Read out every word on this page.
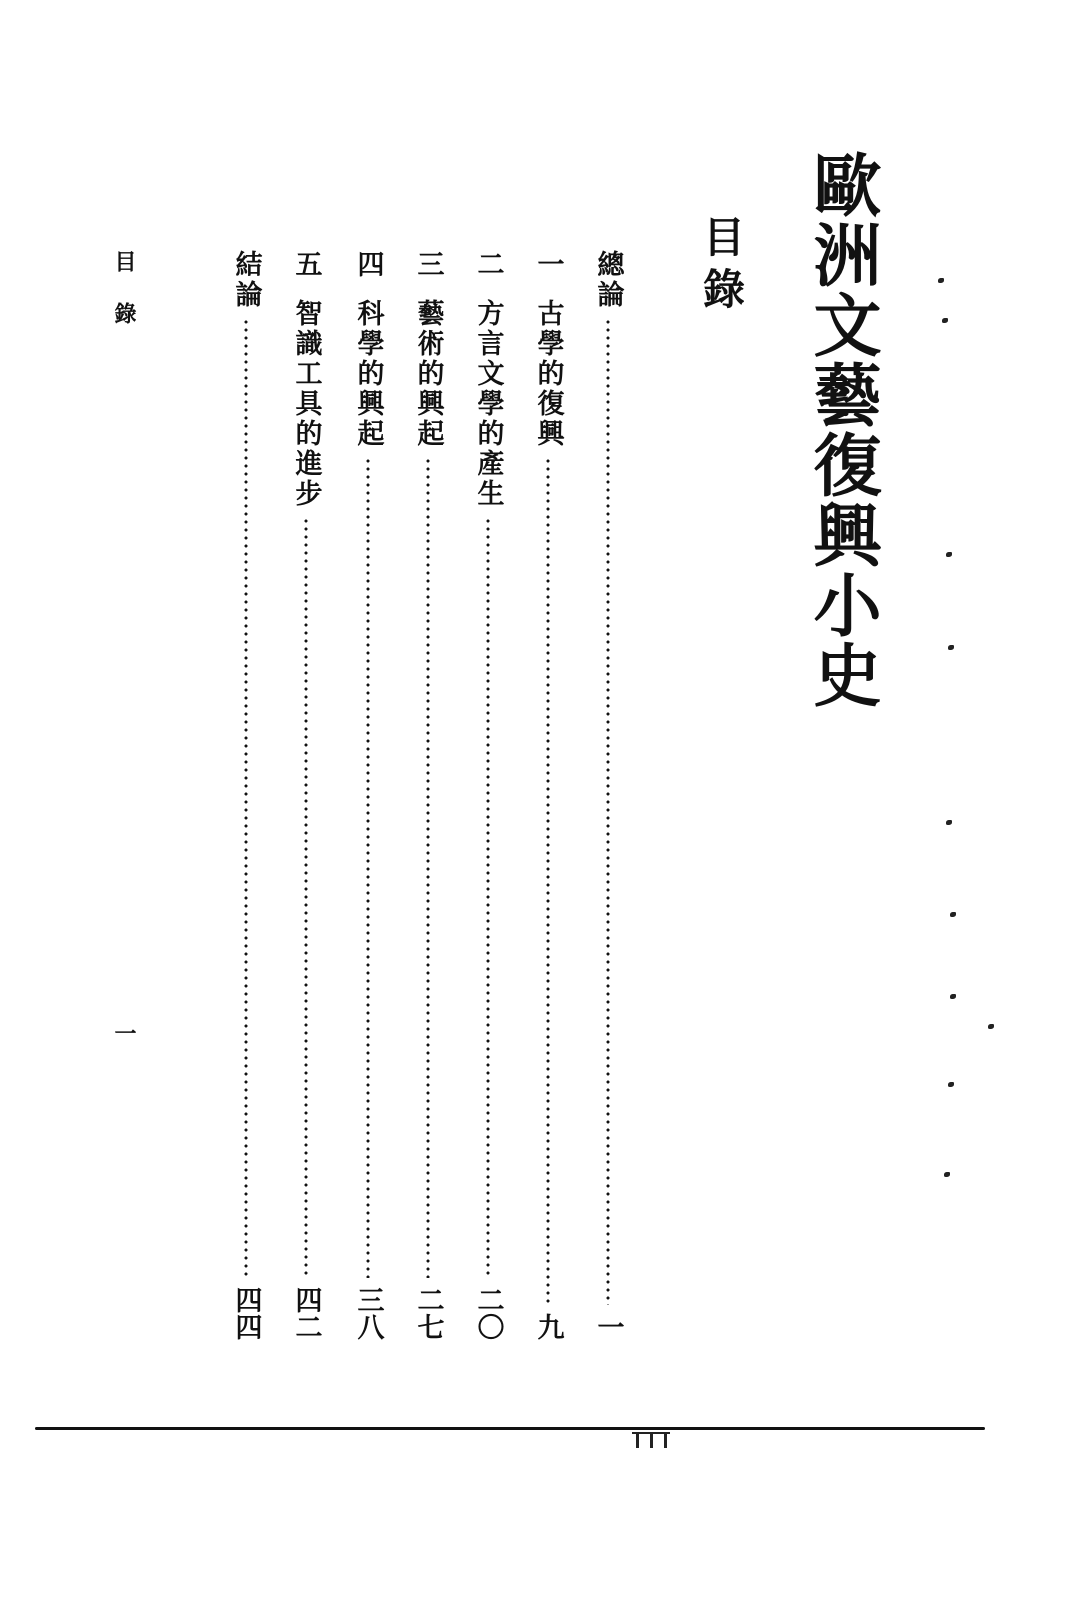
歐洲文藝復興小史
目錄
總論
一
一
古學的復興
九
二
方言文學的產生
二〇
三
藝術的興起
二七
四
科學的興起
三八
五
智識工具的進步
四二
結論
四四
目錄
一
